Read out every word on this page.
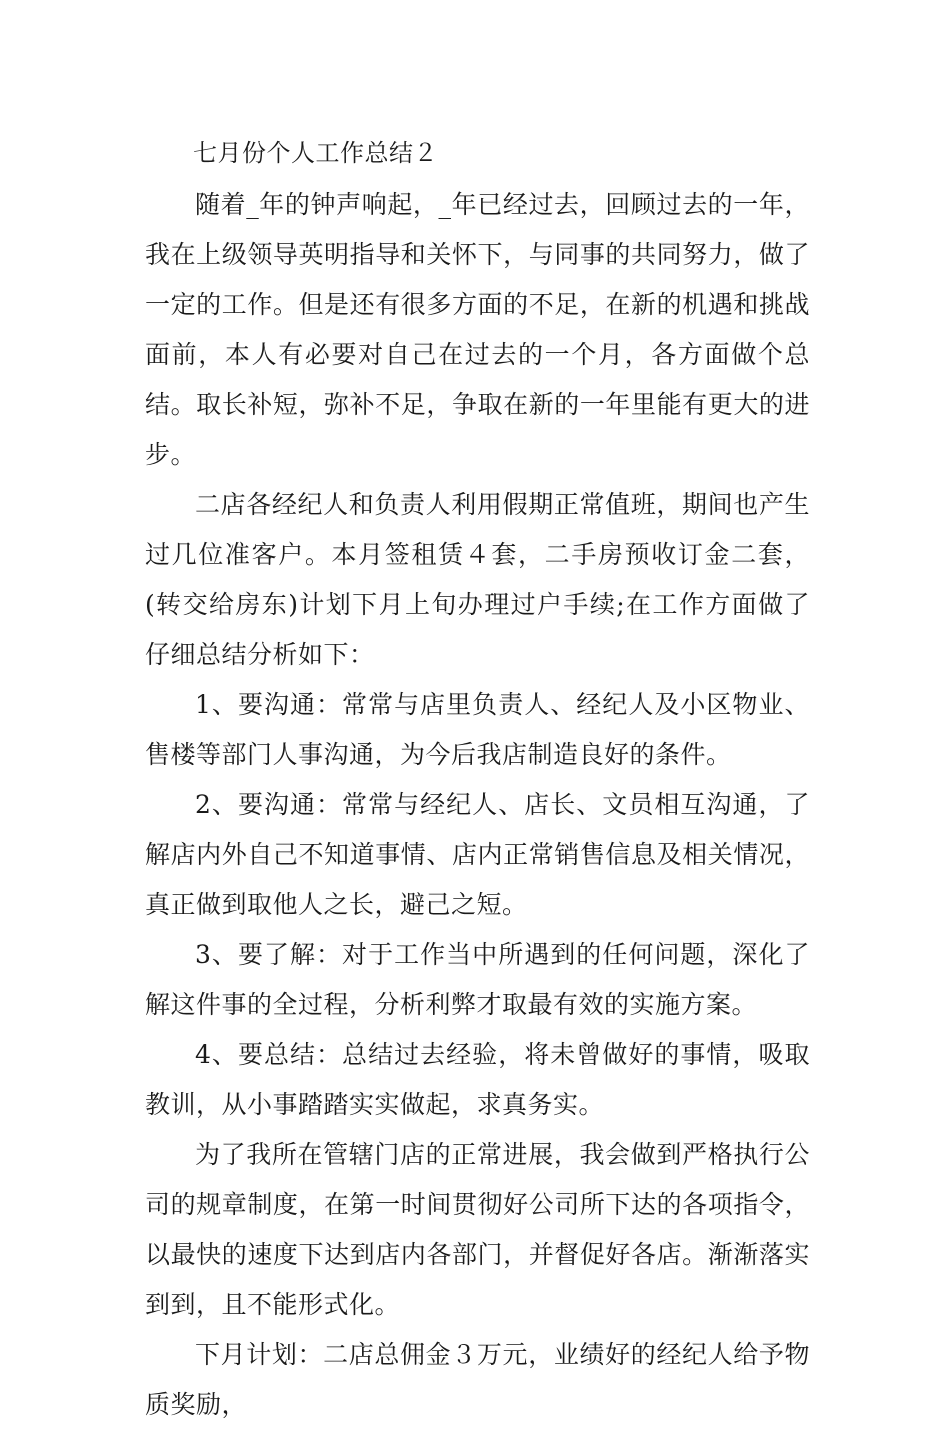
七月份个人工作总结２

随着_年的钟声响起，_年已经过去，回顾过去的一年，我在上级领导英明指导和关怀下，与同事的共同努力，做了一定的工作。但是还有很多方面的不足，在新的机遇和挑战面前，本人有必要对自己在过去的一个月，各方面做个总结。取长补短，弥补不足，争取在新的一年里能有更大的进步。

二店各经纪人和负责人利用假期正常值班，期间也产生过几位准客户。本月签租赁４套，二手房预收订金二套，(转交给房东)计划下月上旬办理过户手续;在工作方面做了仔细总结分析如下：

1、要沟通：常常与店里负责人、经纪人及小区物业、售楼等部门人事沟通，为今后我店制造良好的条件。

2、要沟通：常常与经纪人、店长、文员相互沟通，了解店内外自己不知道事情、店内正常销售信息及相关情况，真正做到取他人之长，避己之短。

3、要了解：对于工作当中所遇到的任何问题，深化了解这件事的全过程，分析利弊才取最有效的实施方案。

4、要总结：总结过去经验，将未曾做好的事情，吸取教训，从小事踏踏实实做起，求真务实。

为了我所在管辖门店的正常进展，我会做到严格执行公司的规章制度，在第一时间贯彻好公司所下达的各项指令，以最快的速度下达到店内各部门，并督促好各店。渐渐落实到到，且不能形式化。

下月计划：二店总佣金３万元，业绩好的经纪人给予物质奖励，
